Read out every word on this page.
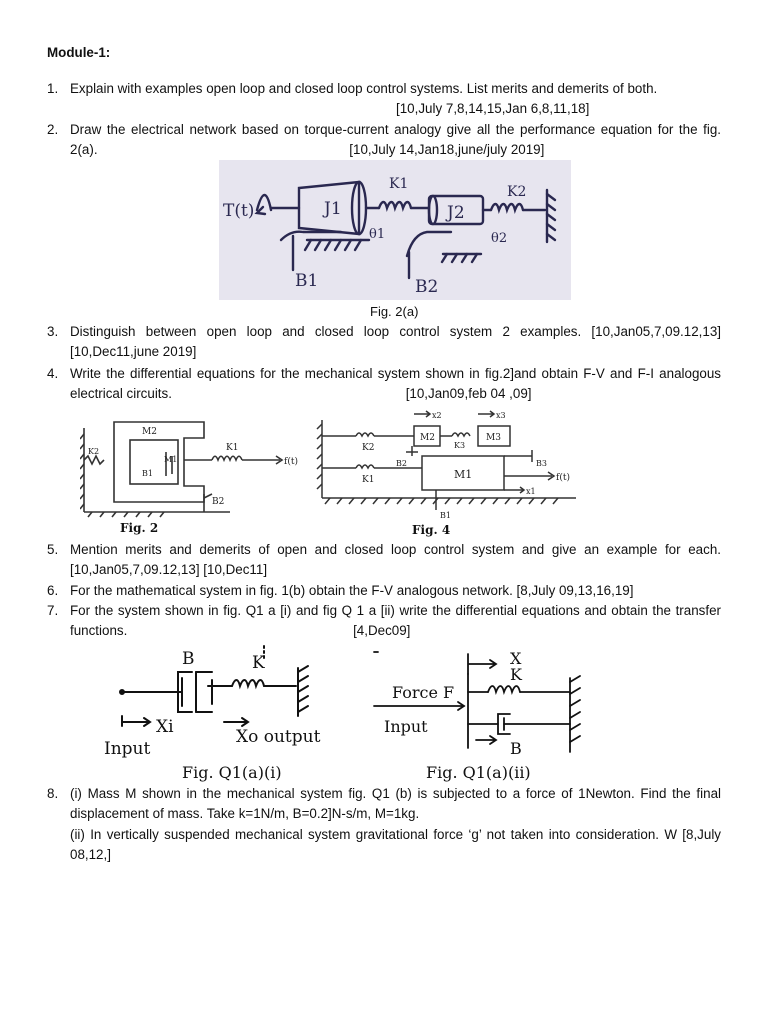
Module-1:
1. Explain with examples open loop and closed loop control systems. List merits and demerits of both.
[10,July 7,8,14,15,Jan 6,8,11,18]
2. Draw the electrical network based on torque-current analogy give all the performance equation for the fig. 2(a).	[10,July 14,Jan18,june/july 2019]
T(t)	J1	J2
K1	K2
θ1	θ2
B1	B2
Fig. 2(a)
3. Distinguish between open loop and closed loop control system 2 examples. [10,Jan05,7,09.12,13] [10,Dec11,june 2019]
4. Write the differential equations for the mechanical system shown in fig.2]and obtain F-V and F-I analogous electrical circuits.	[10,Jan09,feb 04 ,09]
M2
M1
K2	K1
B1
B2
f(t)
Fig. 2
M2	M3
M1
K2	K3
K1
B2	B3
B1
x2	x3
x1
f(t)
Fig. 4
5. Mention merits and demerits of open and closed loop control system and give an example for each. [10,Jan05,7,09.12,13] [10,Dec11]
6. For the mathematical system in fig. 1(b) obtain the F-V analogous network. [8,July 09,13,16,19]
7. For the system shown in fig. Q1 a [i) and fig Q 1 a [ii) write the differential equations and obtain the transfer functions.	[4,Dec09]
B	K
Xi	Xo output
Input
Fig. Q1(a)(i)
X
K
Force F
Input
B
Fig. Q1(a)(ii)
8. (i) Mass M shown in the mechanical system fig. Q1 (b) is subjected to a force of 1Newton. Find the final displacement of mass. Take k=1N/m, B=0.2]N-s/m, M=1kg.
(ii) In vertically suspended mechanical system gravitational force ‘g’ not taken into consideration. W [8,July 08,12,]
